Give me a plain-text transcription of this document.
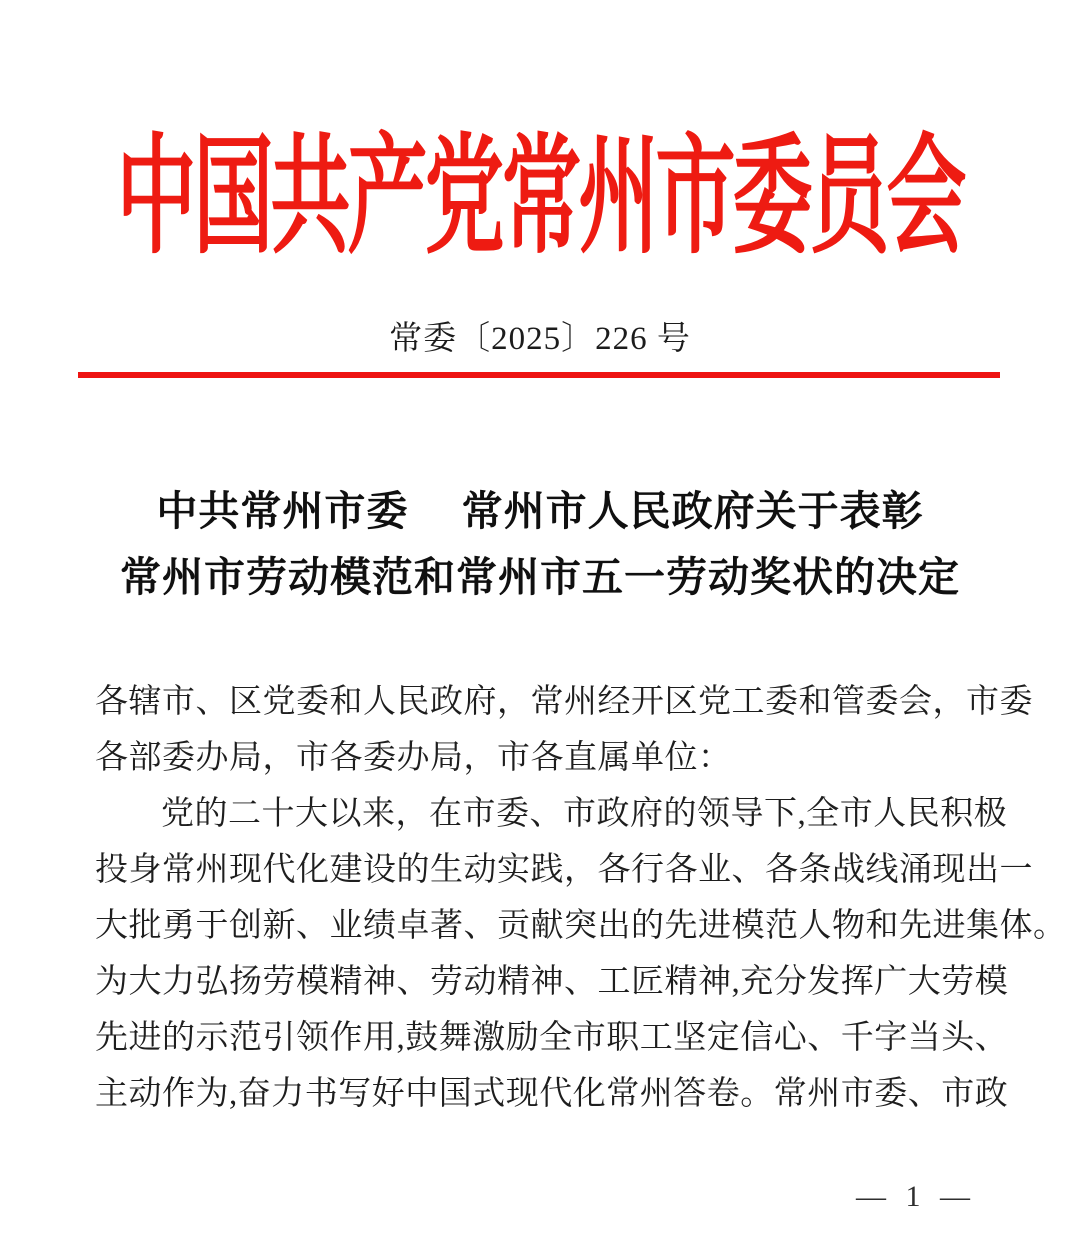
中国共产党常州市委员会
常委〔2025〕226 号
中共常州市委　 常州市人民政府关于表彰
常州市劳动模范和常州市五一劳动奖状的决定
各辖市、区党委和人民政府，常州经开区党工委和管委会，市委
各部委办局，市各委办局，市各直属单位：
党的二十大以来，在市委、市政府的领导下,全市人民积极
投身常州现代化建设的生动实践，各行各业、各条战线涌现出一
大批勇于创新、业绩卓著、贡献突出的先进模范人物和先进集体。
为大力弘扬劳模精神、劳动精神、工匠精神,充分发挥广大劳模
先进的示范引领作用,鼓舞激励全市职工坚定信心、千字当头、
主动作为,奋力书写好中国式现代化常州答卷。常州市委、市政
— 1 —
